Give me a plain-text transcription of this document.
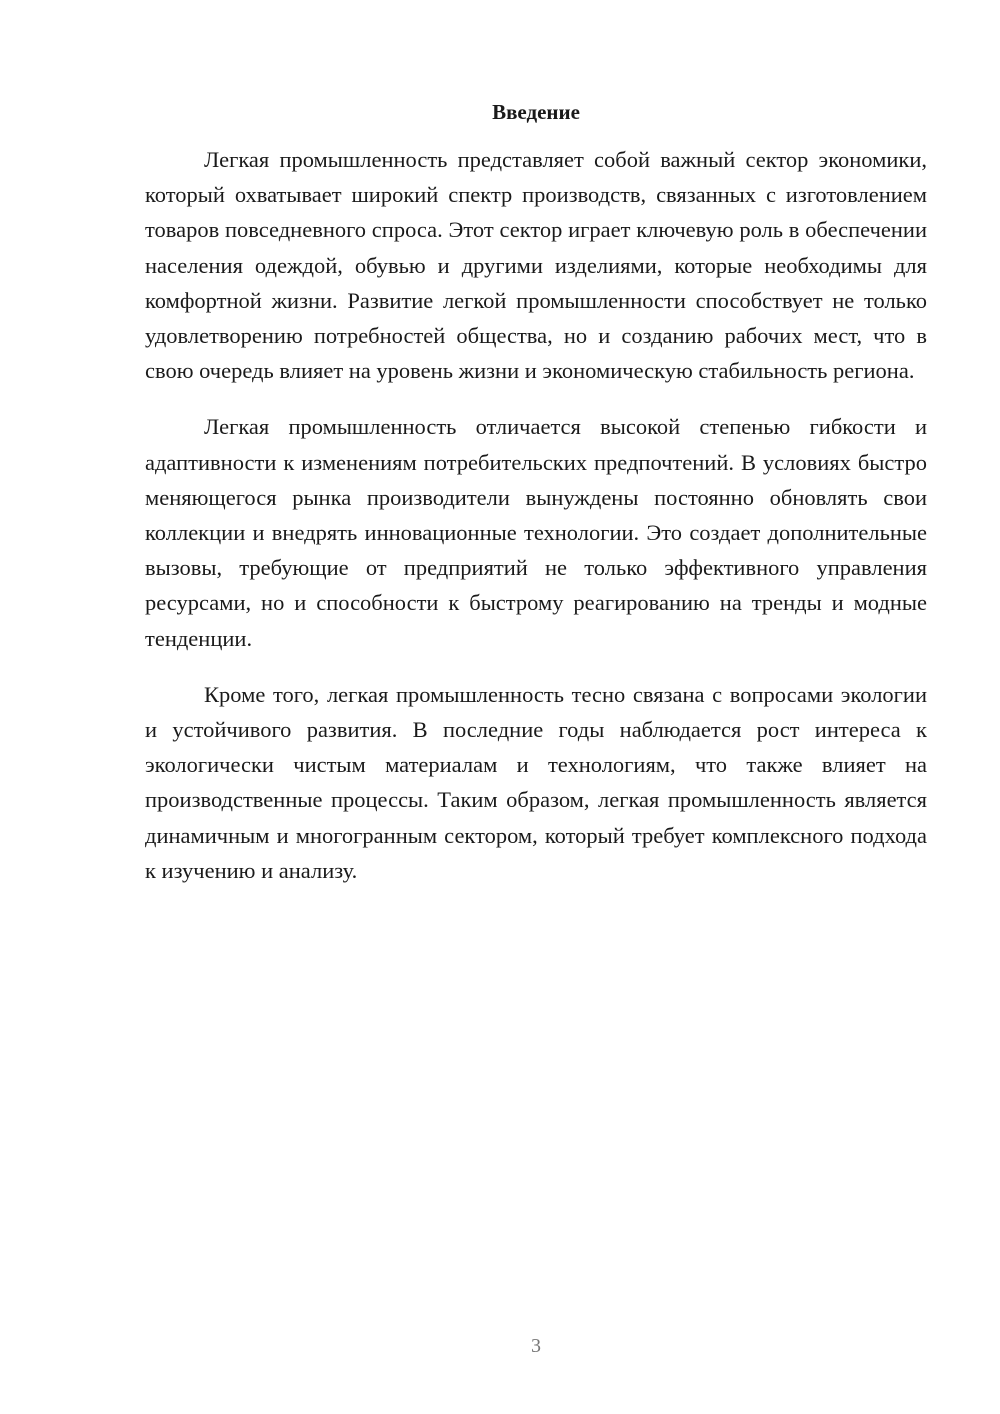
Введение

Легкая промышленность представляет собой важный сектор экономики, который охватывает широкий спектр производств, связанных с изготовлением товаров повседневного спроса. Этот сектор играет ключевую роль в обеспечении населения одеждой, обувью и другими изделиями, которые необходимы для комфортной жизни. Развитие легкой промышленности способствует не только удовлетворению потребностей общества, но и созданию рабочих мест, что в свою очередь влияет на уровень жизни и экономическую стабильность региона.

Легкая промышленность отличается высокой степенью гибкости и адаптивности к изменениям потребительских предпочтений. В условиях быстро меняющегося рынка производители вынуждены постоянно обновлять свои коллекции и внедрять инновационные технологии. Это создает дополнительные вызовы, требующие от предприятий не только эффективного управления ресурсами, но и способности к быстрому реагированию на тренды и модные тенденции.

Кроме того, легкая промышленность тесно связана с вопросами экологии и устойчивого развития. В последние годы наблюдается рост интереса к экологически чистым материалам и технологиям, что также влияет на производственные процессы. Таким образом, легкая промышленность является динамичным и многогранным сектором, который требует комплексного подхода к изучению и анализу.

3
